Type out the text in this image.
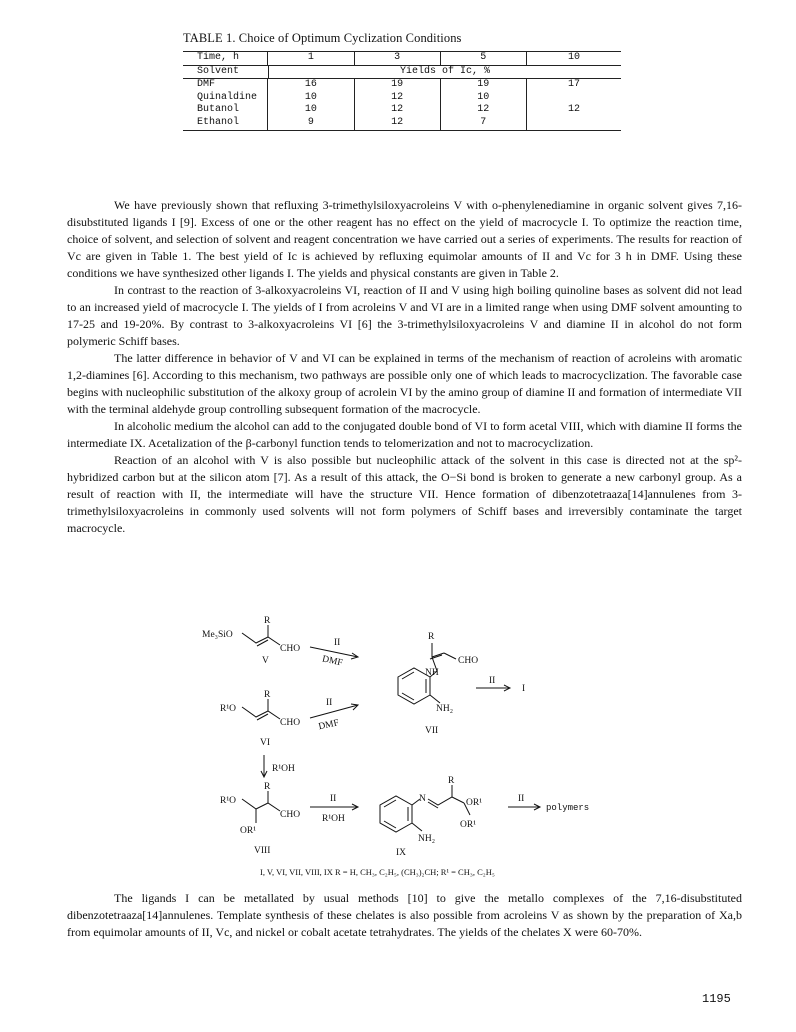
TABLE 1. Choice of Optimum Cyclization Conditions
Time, h	1	3	5	10
Solvent	Yields of Ic, %
DMF	16	19	19	17
Quinaldine	10	12	10
Butanol	10	12	12	12
Ethanol	9	12	7

We have previously shown that refluxing 3-trimethylsiloxyacroleins V with o-phenylenediamine in organic solvent gives 7,16-disubstituted ligands I [9]. Excess of one or the other reagent has no effect on the yield of macrocycle I. To optimize the reaction time, choice of solvent, and selection of solvent and reagent concentration we have carried out a series of experiments. The results for reaction of Vc are given in Table 1. The best yield of Ic is achieved by refluxing equimolar amounts of II and Vc for 3 h in DMF. Using these conditions we have synthesized other ligands I. The yields and physical constants are given in Table 2.

In contrast to the reaction of 3-alkoxyacroleins VI, reaction of II and V using high boiling quinoline bases as solvent did not lead to an increased yield of macrocycle I. The yields of I from acroleins V and VI are in a limited range when using DMF solvent amounting to 17-25 and 19-20%. By contrast to 3-alkoxyacroleins VI [6] the 3-trimethylsiloxyacroleins V and diamine II in alcohol do not form polymeric Schiff bases.

The latter difference in behavior of V and VI can be explained in terms of the mechanism of reaction of acroleins with aromatic 1,2-diamines [6]. According to this mechanism, two pathways are possible only one of which leads to macrocyclization. The favorable case begins with nucleophilic substitution of the alkoxy group of acrolein VI by the amino group of diamine II and formation of intermediate VII with the terminal aldehyde group controlling subsequent formation of the macrocycle.

In alcoholic medium the alcohol can add to the conjugated double bond of VI to form acetal VIII, which with diamine II forms the intermediate IX. Acetalization of the β-carbonyl function tends to telomerization and not to macrocyclization.

Reaction of an alcohol with V is also possible but nucleophilic attack of the solvent in this case is directed not at the sp²-hybridized carbon but at the silicon atom [7]. As a result of this attack, the O−Si bond is broken to generate a new carbonyl group. As a result of reaction with II, the intermediate will have the structure VII. Hence formation of dibenzotetraaza[14]annulenes from 3-trimethylsiloxyacroleins in commonly used solvents will not form polymers of Schiff bases and irreversibly contaminate the target macrocycle.

Me₃SiO
R
CHO
V
II
DMF
R
CHO
NH
NH₂
VII
II
I
R¹O
R
CHO
VI
II
DMF
R¹OH
R¹O
R
CHO
OR¹
VIII
II
R¹OH
N
R
OR¹
OR¹
NH₂
IX
II
polymers
I, V, VI, VII, VIII, IX R = H, CH₃, C₂H₅, (CH₃)₂CH; R¹ = CH₃, C₂H₅

The ligands I can be metallated by usual methods [10] to give the metallo complexes of the 7,16-disubstituted dibenzotetraaza[14]annulenes. Template synthesis of these chelates is also possible from acroleins V as shown by the preparation of Xa,b from equimolar amounts of II, Vc, and nickel or cobalt acetate tetrahydrates. The yields of the chelates X were 60-70%.

1195
